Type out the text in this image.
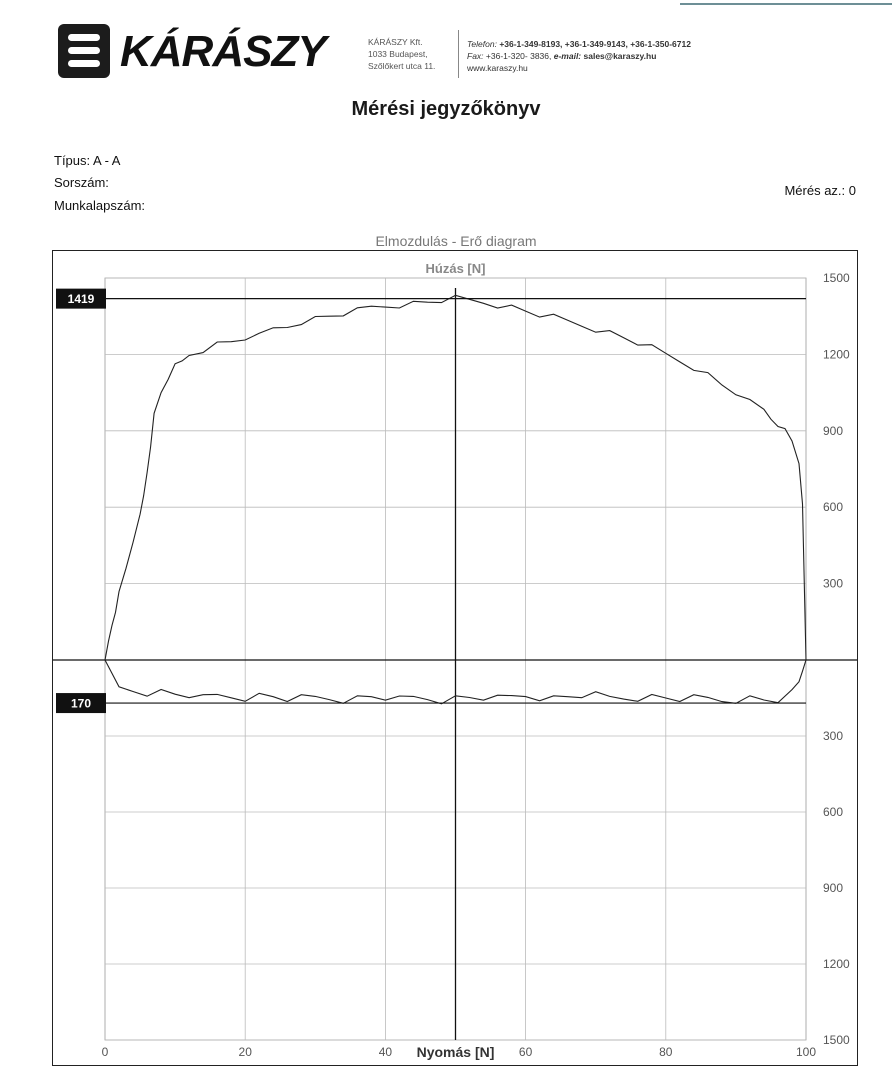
KÁRÁSZY	KÁRÁSZY Kft.
1033 Budapest,
Szőlőkert utca 11.
Telefon: +36-1-349-8193, +36-1-349-9143, +36-1-350-6712
Fax: +36-1-320- 3836, e-mail: sales@karaszy.hu
www.karaszy.hu
Mérési jegyzőkönyv
Típus: A - A
Sorszám:
Munkalapszám:
Mérés az.: 0
Elmozdulás - Erő diagram
1419
170
300
600
900
1200
1500
300
600
900
1200
1500
0	20	40	60	80	100
Húzás [N]
Nyomás [N]
